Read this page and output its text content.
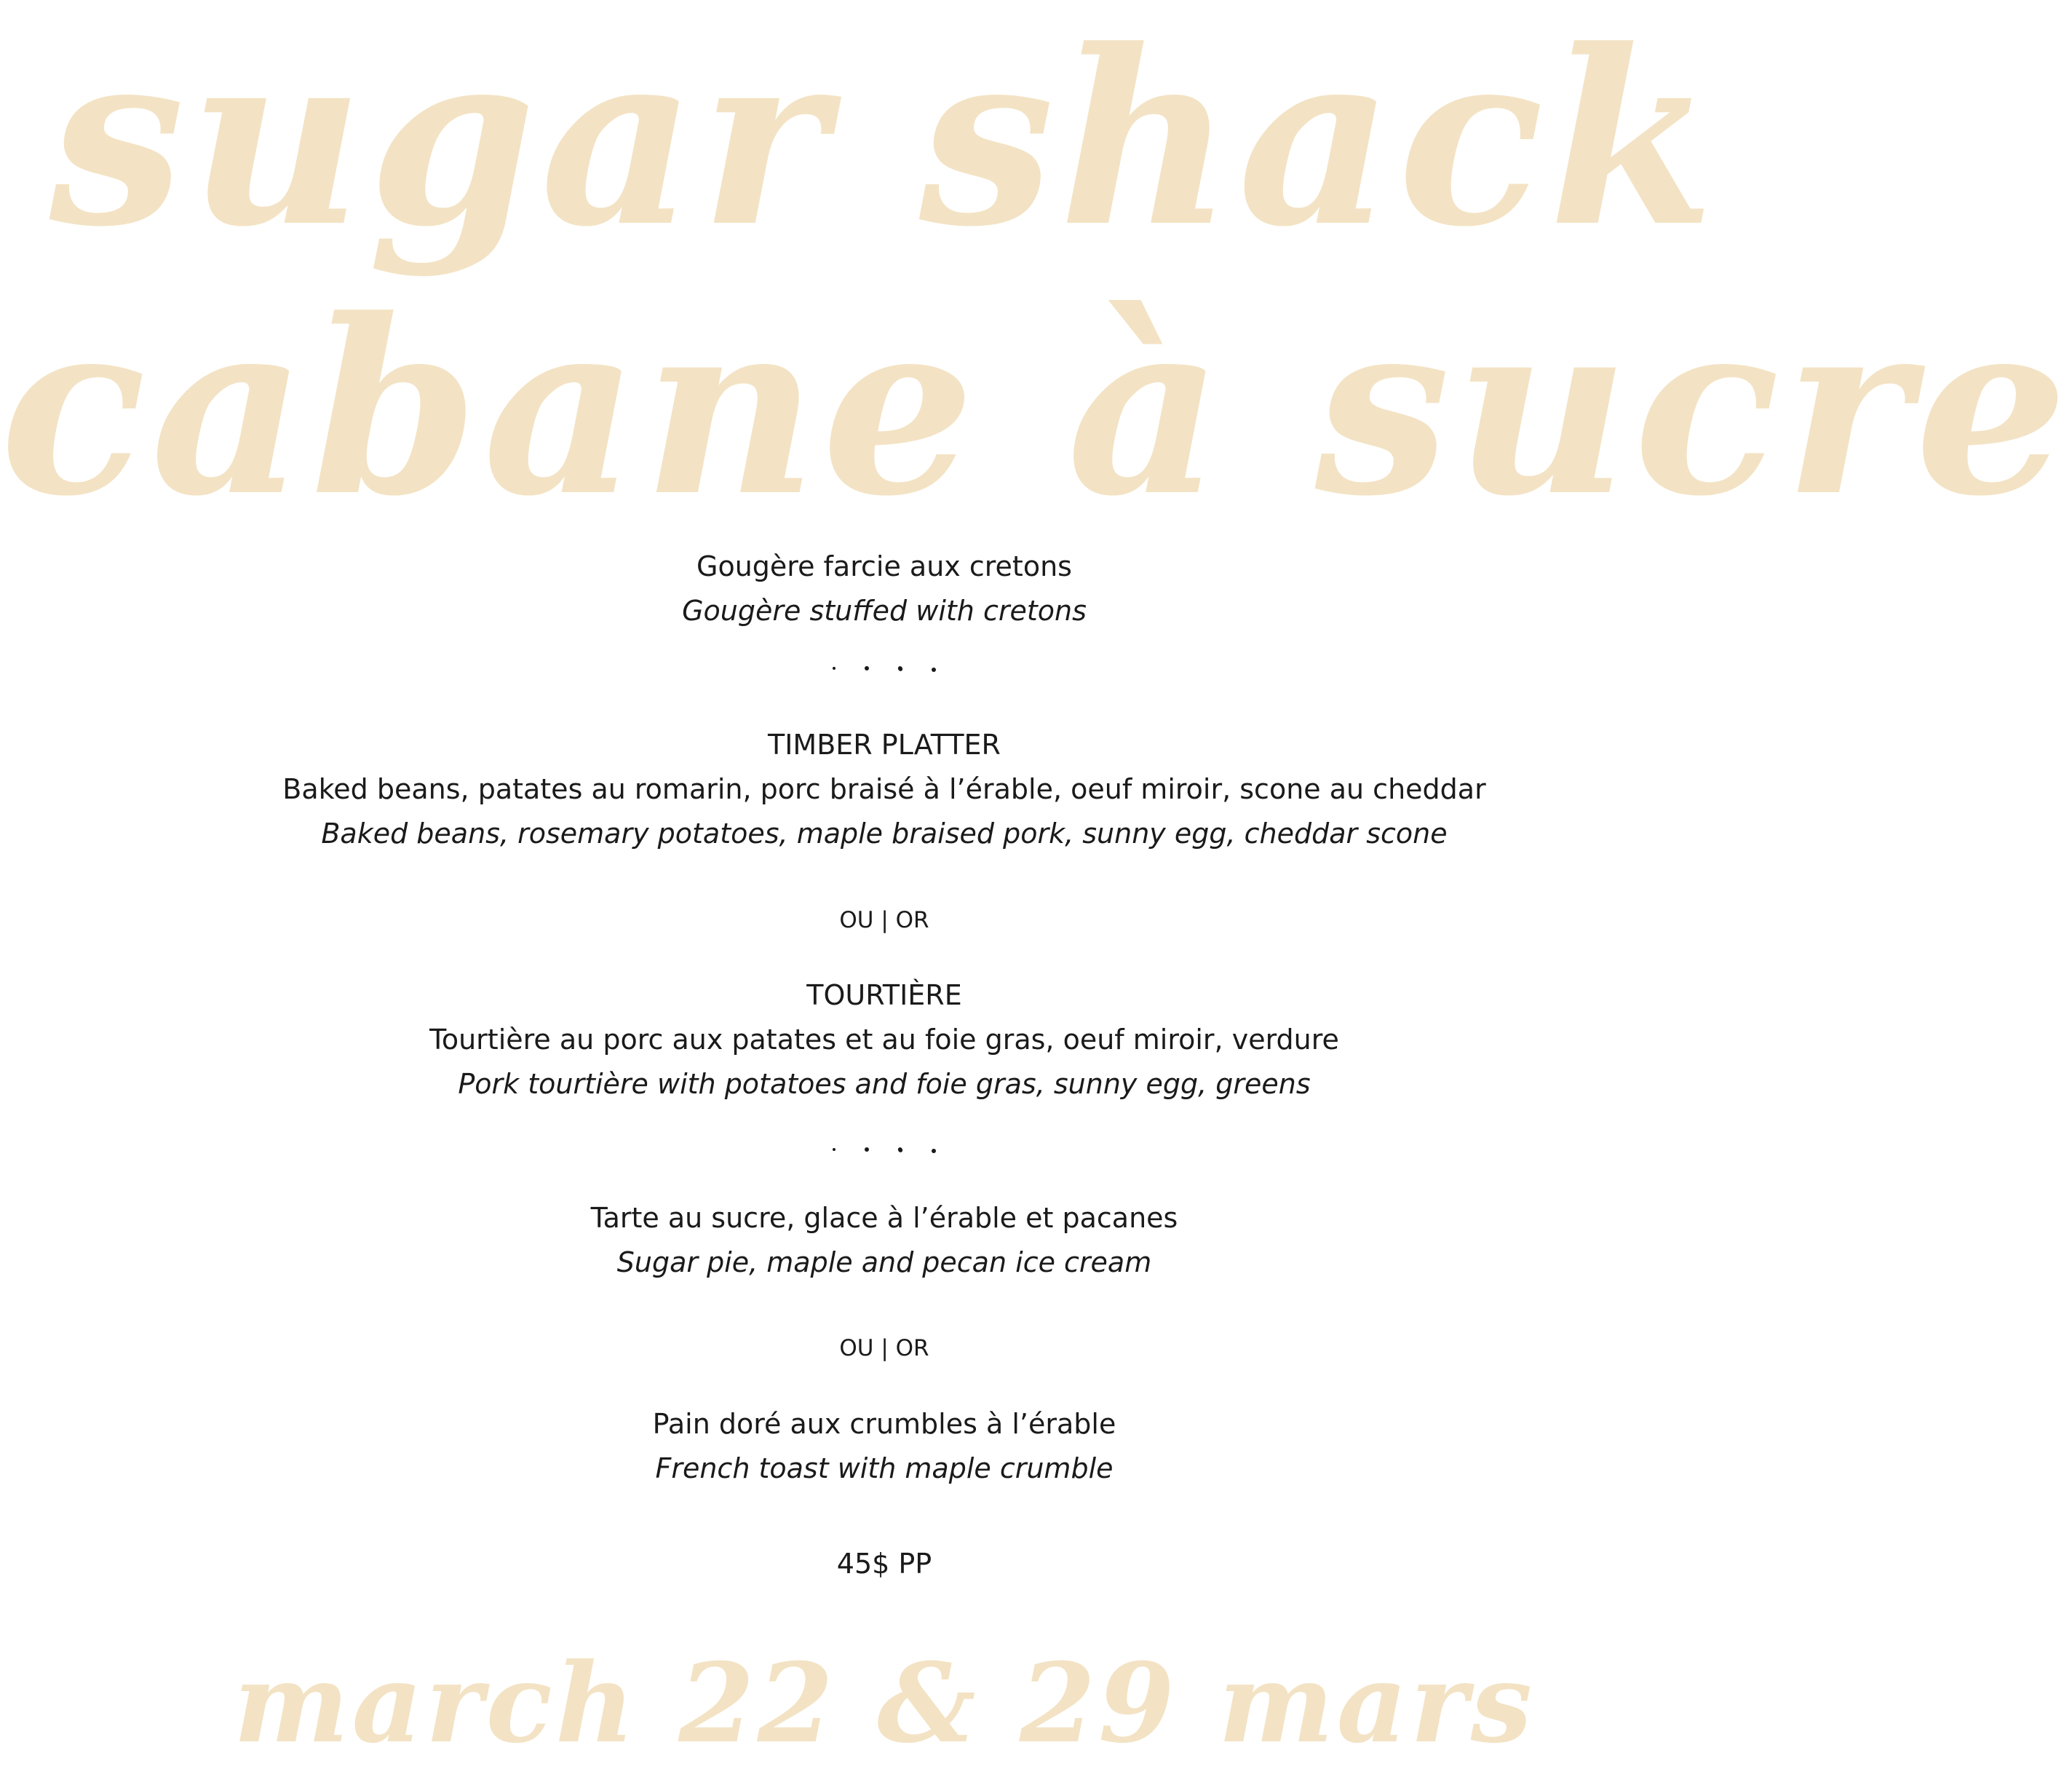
sugar shack
cabane à sucre
Gougère farcie aux cretons
Gougère stuffed with cretons
TIMBER PLATTER
Baked beans, patates au romarin, porc braisé à l’érable, oeuf miroir, scone au cheddar
Baked beans, rosemary potatoes, maple braised pork, sunny egg, cheddar scone
OU | OR
TOURTIÈRE
Tourtière au porc aux patates et au foie gras, oeuf miroir, verdure
Pork tourtière with potatoes and foie gras, sunny egg, greens
Tarte au sucre, glace à l’érable et pacanes
Sugar pie, maple and pecan ice cream
OU | OR
Pain doré aux crumbles à l’érable
French toast with maple crumble
45$ PP
march 22 & 29 mars
